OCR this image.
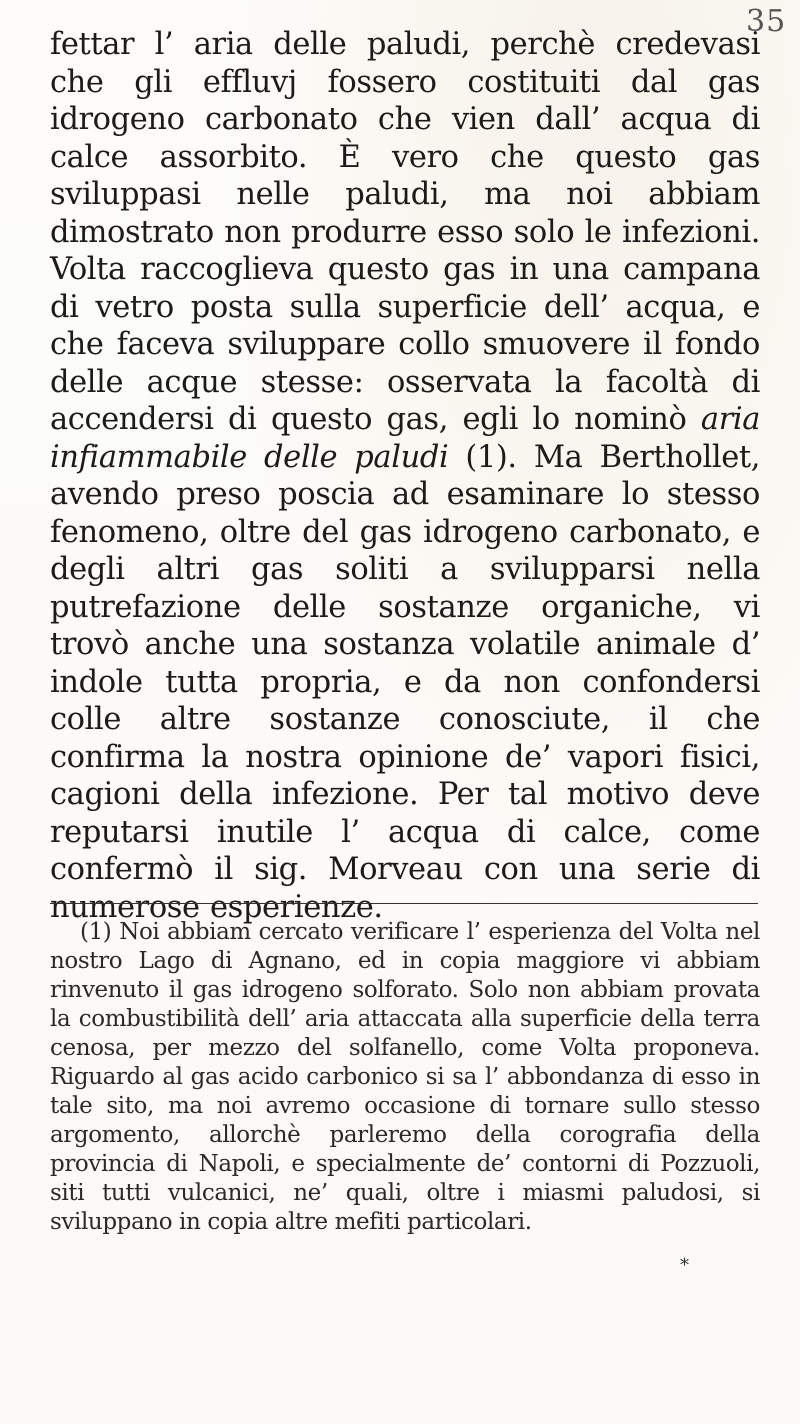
35

fettar l’ aria delle paludi, perchè credevasi che gli effluvj fossero costituiti dal gas idrogeno carbonato che vien dall’ acqua di calce assorbito. È vero che questo gas sviluppasi nelle paludi, ma noi abbiam dimostrato non produrre esso solo le infezioni. Volta raccoglieva questo gas in una campana di vetro posta sulla superficie dell’ acqua, e che faceva sviluppare collo smuovere il fondo delle acque stesse: osservata la facoltà di accendersi di questo gas, egli lo nominò aria infiammabile delle paludi (1). Ma Berthollet, avendo preso poscia ad esaminare lo stesso fenomeno, oltre del gas idrogeno carbonato, e degli altri gas soliti a svilupparsi nella putrefazione delle sostanze organiche, vi trovò anche una sostanza volatile animale d’ indole tutta propria, e da non confondersi colle altre sostanze conosciute, il che confirma la nostra opinione de’ vapori fisici, cagioni della infezione. Per tal motivo deve reputarsi inutile l’ acqua di calce, come confermò il sig. Morveau con una serie di numerose esperienze.

(1) Noi abbiam cercato verificare l’ esperienza del Volta nel nostro Lago di Agnano, ed in copia maggiore vi abbiam rinvenuto il gas idrogeno solforato. Solo non abbiam provata la combustibilità dell’ aria attaccata alla superficie della terra cenosa, per mezzo del solfanello, come Volta proponeva. Riguardo al gas acido carbonico si sa l’ abbondanza di esso in tale sito, ma noi avremo occasione di tornare sullo stesso argomento, allorchè parleremo della corografia della provincia di Napoli, e specialmente de’ contorni di Pozzuoli, siti tutti vulcanici, ne’ quali, oltre i miasmi paludosi, si sviluppano in copia altre mefiti particolari.

*
